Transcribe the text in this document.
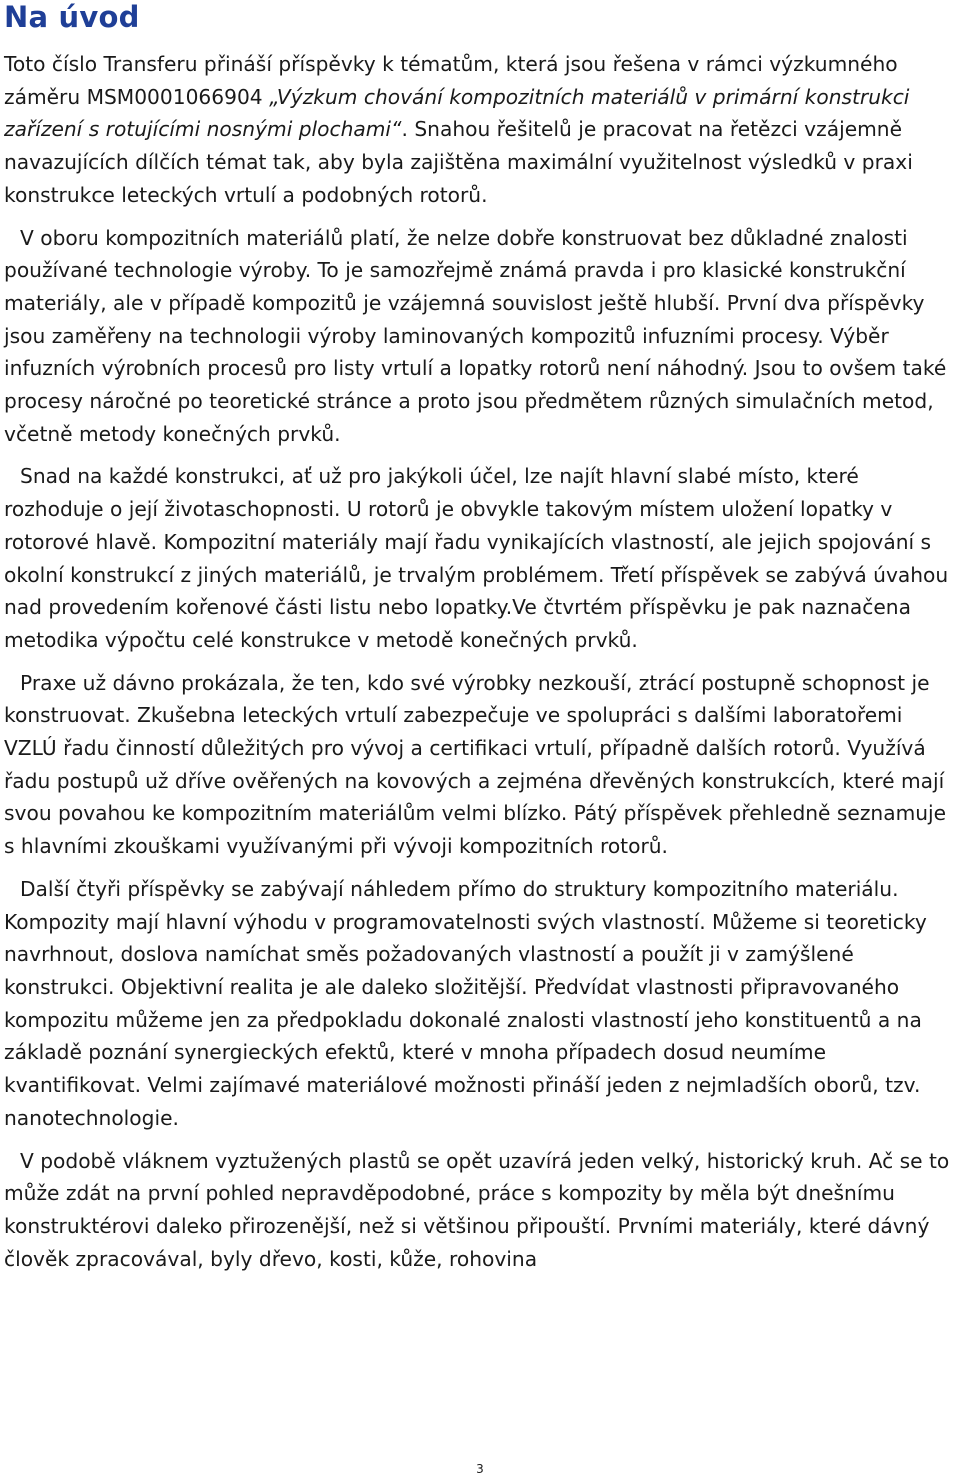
Na úvod

Toto číslo Transferu přináší příspěvky k tématům, která jsou řešena v rámci výzkumného záměru MSM0001066904 „Výzkum chování kompozitních materiálů v primární konstrukci zařízení s rotujícími nosnými plochami“. Snahou řešitelů je pracovat na řetězci vzájemně navazujících dílčích témat tak, aby byla zajištěna maximální využitelnost výsledků v praxi konstrukce leteckých vrtulí a podobných rotorů.

V oboru kompozitních materiálů platí, že nelze dobře konstruovat bez důkladné znalosti používané technologie výroby. To je samozřejmě známá pravda i pro klasické konstrukční materiály, ale v případě kompozitů je vzájemná souvislost ještě hlubší. První dva příspěvky jsou zaměřeny na technologii výroby laminovaných kompozitů infuzními procesy. Výběr infuzních výrobních procesů pro listy vrtulí a lopatky rotorů není náhodný. Jsou to ovšem také procesy náročné po teoretické stránce a proto jsou předmětem různých simulačních metod, včetně metody konečných prvků.

Snad na každé konstrukci, ať už pro jakýkoli účel, lze najít hlavní slabé místo, které rozhoduje o její životaschopnosti. U rotorů je obvykle takovým místem uložení lopatky v rotorové hlavě. Kompozitní materiály mají řadu vynikajících vlastností, ale jejich spojování s okolní konstrukcí z jiných materiálů, je trvalým problémem. Třetí příspěvek se zabývá úvahou nad provedením kořenové části listu nebo lopatky.Ve čtvrtém příspěvku je pak naznačena metodika výpočtu celé konstrukce v metodě konečných prvků.

Praxe už dávno prokázala, že ten, kdo své výrobky nezkouší, ztrácí postupně schopnost je konstruovat. Zkušebna leteckých vrtulí zabezpečuje ve spolupráci s dalšími laboratořemi VZLÚ řadu činností důležitých pro vývoj a certifikaci vrtulí, případně dalších rotorů. Využívá řadu postupů už dříve ověřených na kovových a zejména dřevěných konstrukcích, které mají svou povahou ke kompozitním materiálům velmi blízko. Pátý příspěvek přehledně seznamuje s hlavními zkouškami využívanými při vývoji kompozitních rotorů.

Další čtyři příspěvky se zabývají náhledem přímo do struktury kompozitního materiálu. Kompozity mají hlavní výhodu v programovatelnosti svých vlastností. Můžeme si teoreticky navrhnout, doslova namíchat směs požadovaných vlastností a použít ji v zamýšlené konstrukci. Objektivní realita je ale daleko složitější. Předvídat vlastnosti připravovaného kompozitu můžeme jen za předpokladu dokonalé znalosti vlastností jeho konstituentů a na základě poznání synergieckých efektů, které v mnoha případech dosud neumíme kvantifikovat. Velmi zajímavé materiálové možnosti přináší jeden z nejmladších oborů, tzv. nanotechnologie.

V podobě vláknem vyztužených plastů se opět uzavírá jeden velký, historický kruh. Ač se to může zdát na první pohled nepravděpodobné, práce s kompozity by měla být dnešnímu konstruktérovi daleko přirozenější, než si většinou připouští. Prvními materiály, které dávný člověk zpracovával, byly dřevo, kosti, kůže, rohovina

3
